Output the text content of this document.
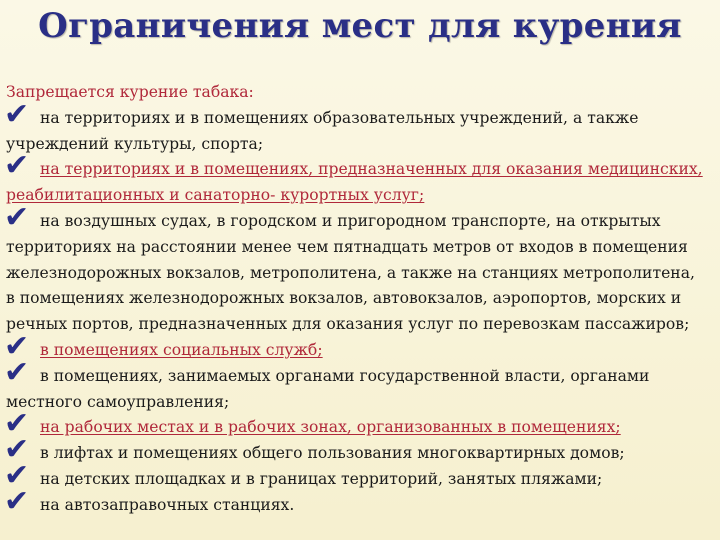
Ограничения мест для курения
Запрещается курение табака:
✔ на территориях и в помещениях образовательных учреждений, а также учреждений культуры, спорта;
✔ на территориях и в помещениях, предназначенных для оказания медицинских, реабилитационных и санаторно- курортных услуг;
✔ на воздушных судах, в городском и пригородном транспорте, на открытых территориях на расстоянии менее чем пятнадцать метров от входов в помещения железнодорожных вокзалов, метрополитена, а также на станциях метрополитена, в помещениях железнодорожных вокзалов, автовокзалов, аэропортов, морских и речных портов, предназначенных для оказания услуг по перевозкам пассажиров;
✔ в помещениях социальных служб;
✔ в помещениях, занимаемых органами государственной власти, органами местного самоуправления;
✔ на рабочих местах и в рабочих зонах, организованных в помещениях;
✔ в лифтах и помещениях общего пользования многоквартирных домов;
✔ на детских площадках и в границах территорий, занятых пляжами;
✔ на автозаправочных станциях.
